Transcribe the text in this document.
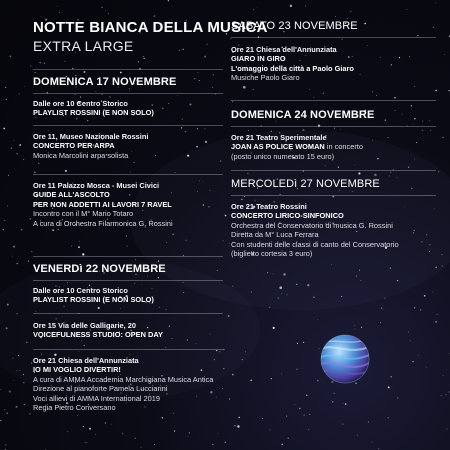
NOTTE BIANCA DELLA MUSICA
EXTRA LARGE
DOMENICA 17 NOVEMBRE
Dalle ore 10 Centro Storico
PLAYLIST ROSSINI (E NON SOLO)
Ore 11, Museo Nazionale Rossini
CONCERTO PER ARPA
Monica Marcolini arpa solista
Ore 11 Palazzo Mosca - Musei Civici
GUIDE ALL'ASCOLTO
PER NON ADDETTI AI LAVORI 7 RAVEL
Incontro con il M° Mario Totaro
A cura di Orchestra Filarmonica G. Rossini
VENERDì 22 NOVEMBRE
Dalle ore 10 Centro Storico
PLAYLIST ROSSINI (E NON SOLO)
Ore 15 Via delle Galligarie, 20
VOICEFULNESS STUDIO: OPEN DAY
Ore 21 Chiesa dell'Annunziata
IO MI VOGLIO DIVERTIR!
A cura di AMMA Accademia Marchigiana Musica Antica
Direzione al pianoforte Pamela Lucciarini
Voci allievi di AMMA International 2019
Regia Pietro Conversano
SABATO 23 NOVEMBRE
Ore 21 Chiesa dell'Annunziata
GIARO IN GIRO
L'omaggio della città a Paolo Giaro
Musiche Paolo Giaro
DOMENICA 24 NOVEMBRE
Ore 21 Teatro Sperimentale
JOAN AS POLICE WOMAN in concerto
(posto unico numerato 15 euro)
MERCOLEDì 27 NOVEMBRE
Ore 21 Teatro Rossini
CONCERTO LIRICO-SINFONICO
Orchestra del Conservatorio di musica G. Rossini
Diretta da M° Luca Ferrara
Con studenti delle classi di canto del Conservatorio
(biglietto cortesia 3 euro)
